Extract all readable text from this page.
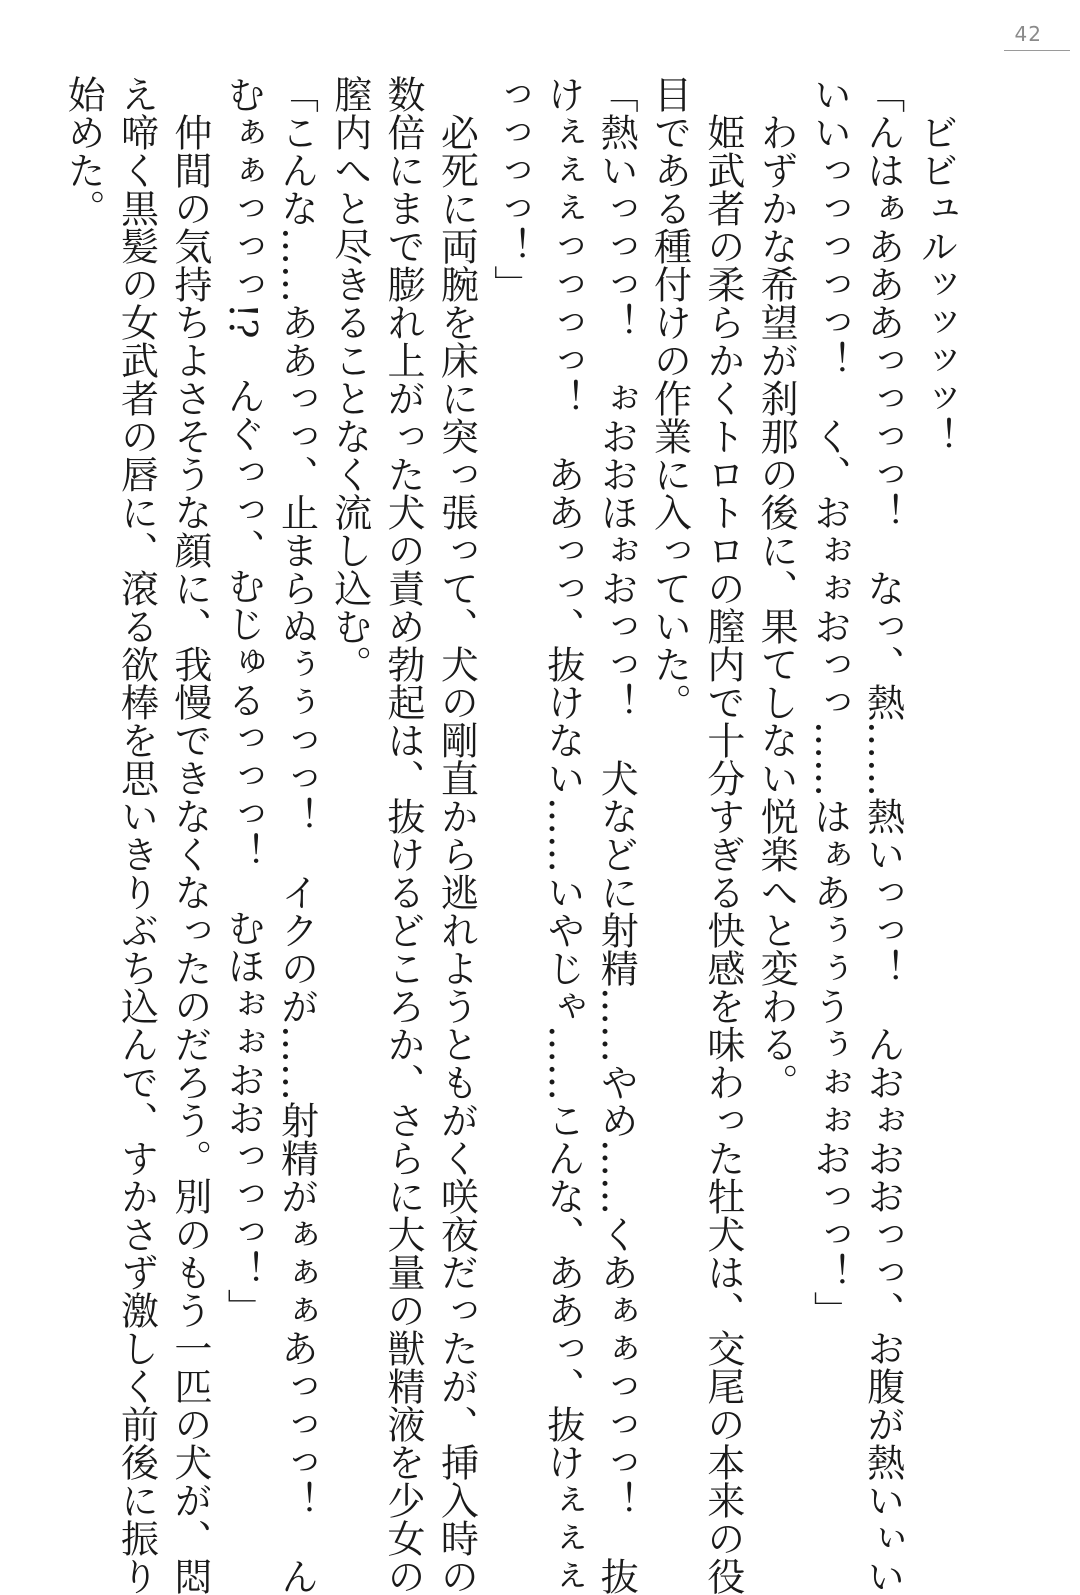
42

　ビビュルッッッッ！

「んはぁあああっっっっ！　なっ、熱……熱いっっ！　んおぉおおっっ、お腹が熱いぃい
いいっっっっっ！　く、おぉぉおっっ……はぁあぅぅうぅぉぉおっっ！」

　わずかな希望が刹那の後に、果てしない悦楽へと変わる。

　姫武者の柔らかくトロトロの膣内で十分すぎる快感を味わった牡犬は、交尾の本来の役
目である種付けの作業に入っていた。

「熱いっっっ！　ぉおおほぉおっっ！　犬などに射精……やめ……くあぁぁっっっ！　抜
けぇぇぇっっっっ！　ああっっ、抜けない……いやじゃ……こんな、ああっ、抜けぇぇぇ
っっっっ！」

　必死に両腕を床に突っ張って、犬の剛直から逃れようともがく咲夜だったが、挿入時の
数倍にまで膨れ上がった犬の責め勃起は、抜けるどころか、さらに大量の獣精液を少女の
膣内へと尽きることなく流し込む。

「こんな……ああっっ、止まらぬぅぅっっ！　イクのが……射精がぁぁぁあっっっ！　ん
むぁぁっっっ!?　んぐっっ、むじゅるっっっ！　むほぉぉおおっっっ！」

　仲間の気持ちよさそうな顔に、我慢できなくなったのだろう。別のもう一匹の犬が、悶
え啼く黒髪の女武者の唇に、滾る欲棒を思いきりぶち込んで、すかさず激しく前後に振り
始めた。
